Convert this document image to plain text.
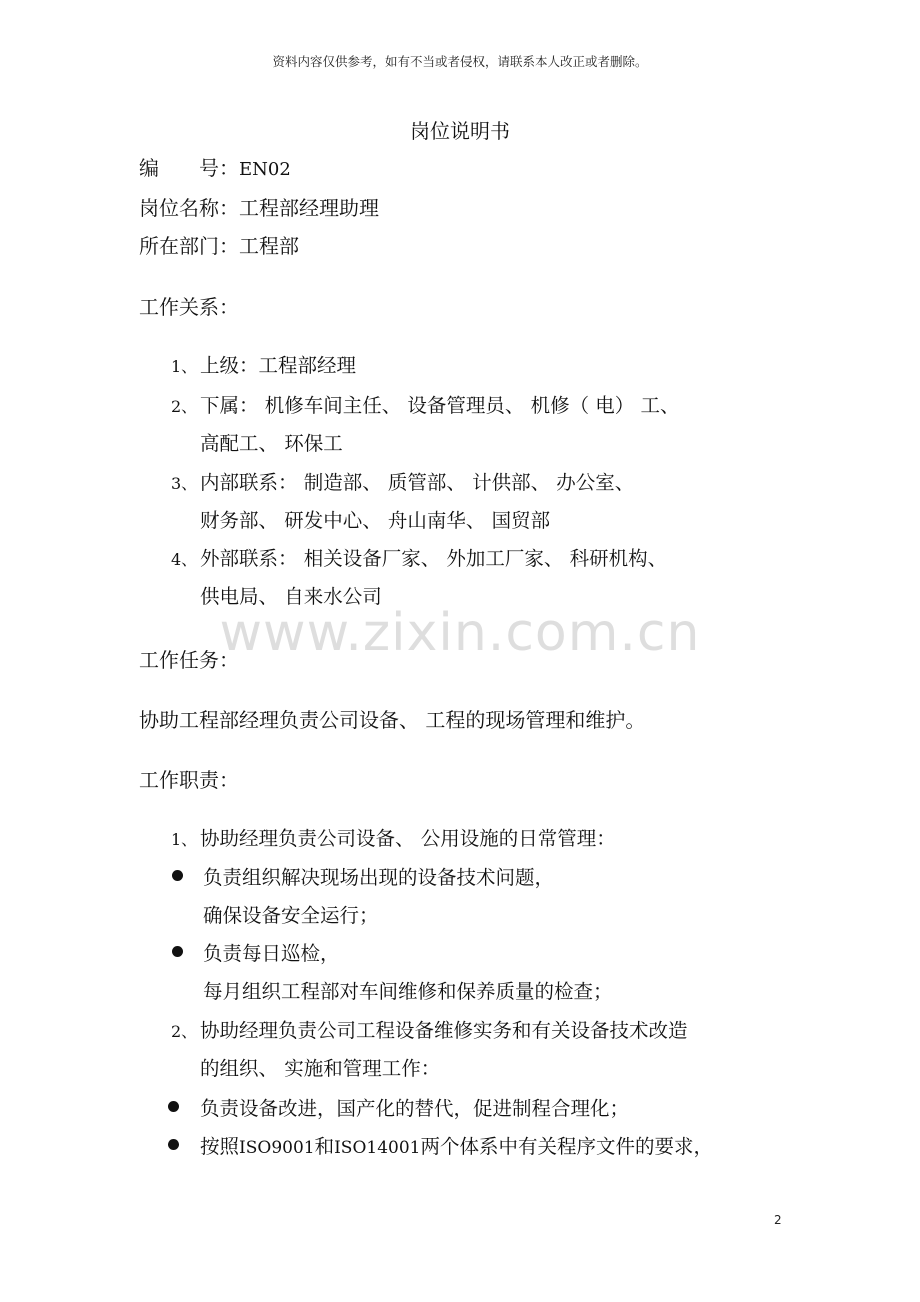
资料内容仅供参考，如有不当或者侵权，请联系本人改正或者删除。
岗位说明书
编　　号：EN02
岗位名称：工程部经理助理
所在部门：工程部
工作关系：
1、 上级：工程部经理
2、 下属： 机修车间主任、 设备管理员、 机修（ 电） 工、
高配工、 环保工
3、 内部联系： 制造部、 质管部、 计供部、 办公室、
财务部、 研发中心、 舟山南华、 国贸部
4、 外部联系： 相关设备厂家、 外加工厂家、 科研机构、
供电局、 自来水公司
www.zixin.com.cn
工作任务：
协助工程部经理负责公司设备、 工程的现场管理和维护。
工作职责：
1、 协助经理负责公司设备、 公用设施的日常管理：
负责组织解决现场出现的设备技术问题，
确保设备安全运行；
负责每日巡检，
每月组织工程部对车间维修和保养质量的检查；
2、 协助经理负责公司工程设备维修实务和有关设备技术改造
的组织、 实施和管理工作：
负责设备改进，国产化的替代，促进制程合理化；
按照ISO9001和ISO14001两个体系中有关程序文件的要求，
2
